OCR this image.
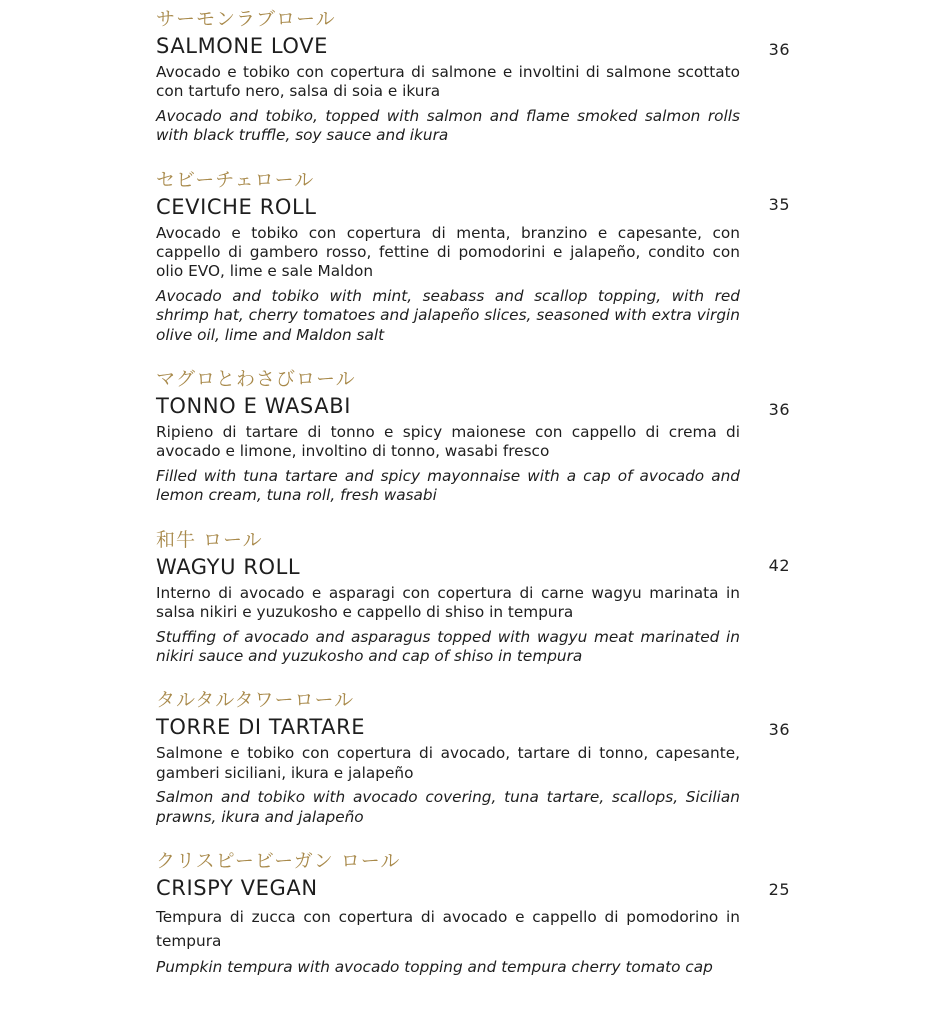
サーモンラブロール

SALMONE LOVE	36

Avocado e tobiko con copertura di salmone e involtini di salmone scottato con tartufo nero, salsa di soia e ikura

Avocado and tobiko, topped with salmon and flame smoked salmon rolls with black truffle, soy sauce and ikura

セビーチェロール

CEVICHE ROLL	35

Avocado e tobiko con copertura di menta, branzino e capesante, con cappello di gambero rosso, fettine di pomodorini e jalapeño, condito con olio EVO, lime e sale Maldon

Avocado and tobiko with mint, seabass and scallop topping, with red shrimp hat, cherry tomatoes and jalapeño slices, seasoned with extra virgin olive oil, lime and Maldon salt

マグロとわさびロール

TONNO E WASABI	36

Ripieno di tartare di tonno e spicy maionese con cappello di crema di avocado e limone, involtino di tonno, wasabi fresco

Filled with tuna tartare and spicy mayonnaise with a cap of avocado and lemon cream, tuna roll, fresh wasabi

和牛 ロール

WAGYU ROLL	42

Interno di avocado e asparagi con copertura di carne wagyu marinata in salsa nikiri e yuzukosho e cappello di shiso in tempura

Stuffing of avocado and asparagus topped with wagyu meat marinated in nikiri sauce and yuzukosho and cap of shiso in tempura

タルタルタワーロール

TORRE DI TARTARE	36

Salmone e tobiko con copertura di avocado, tartare di tonno, capesante, gamberi siciliani, ikura e jalapeño

Salmon and tobiko with avocado covering, tuna tartare, scallops, Sicilian prawns, ikura and jalapeño

クリスピービーガン ロール

CRISPY VEGAN	25

Tempura di zucca con copertura di avocado e cappello di pomodorino in tempura

Pumpkin tempura with avocado topping and tempura cherry tomato cap
